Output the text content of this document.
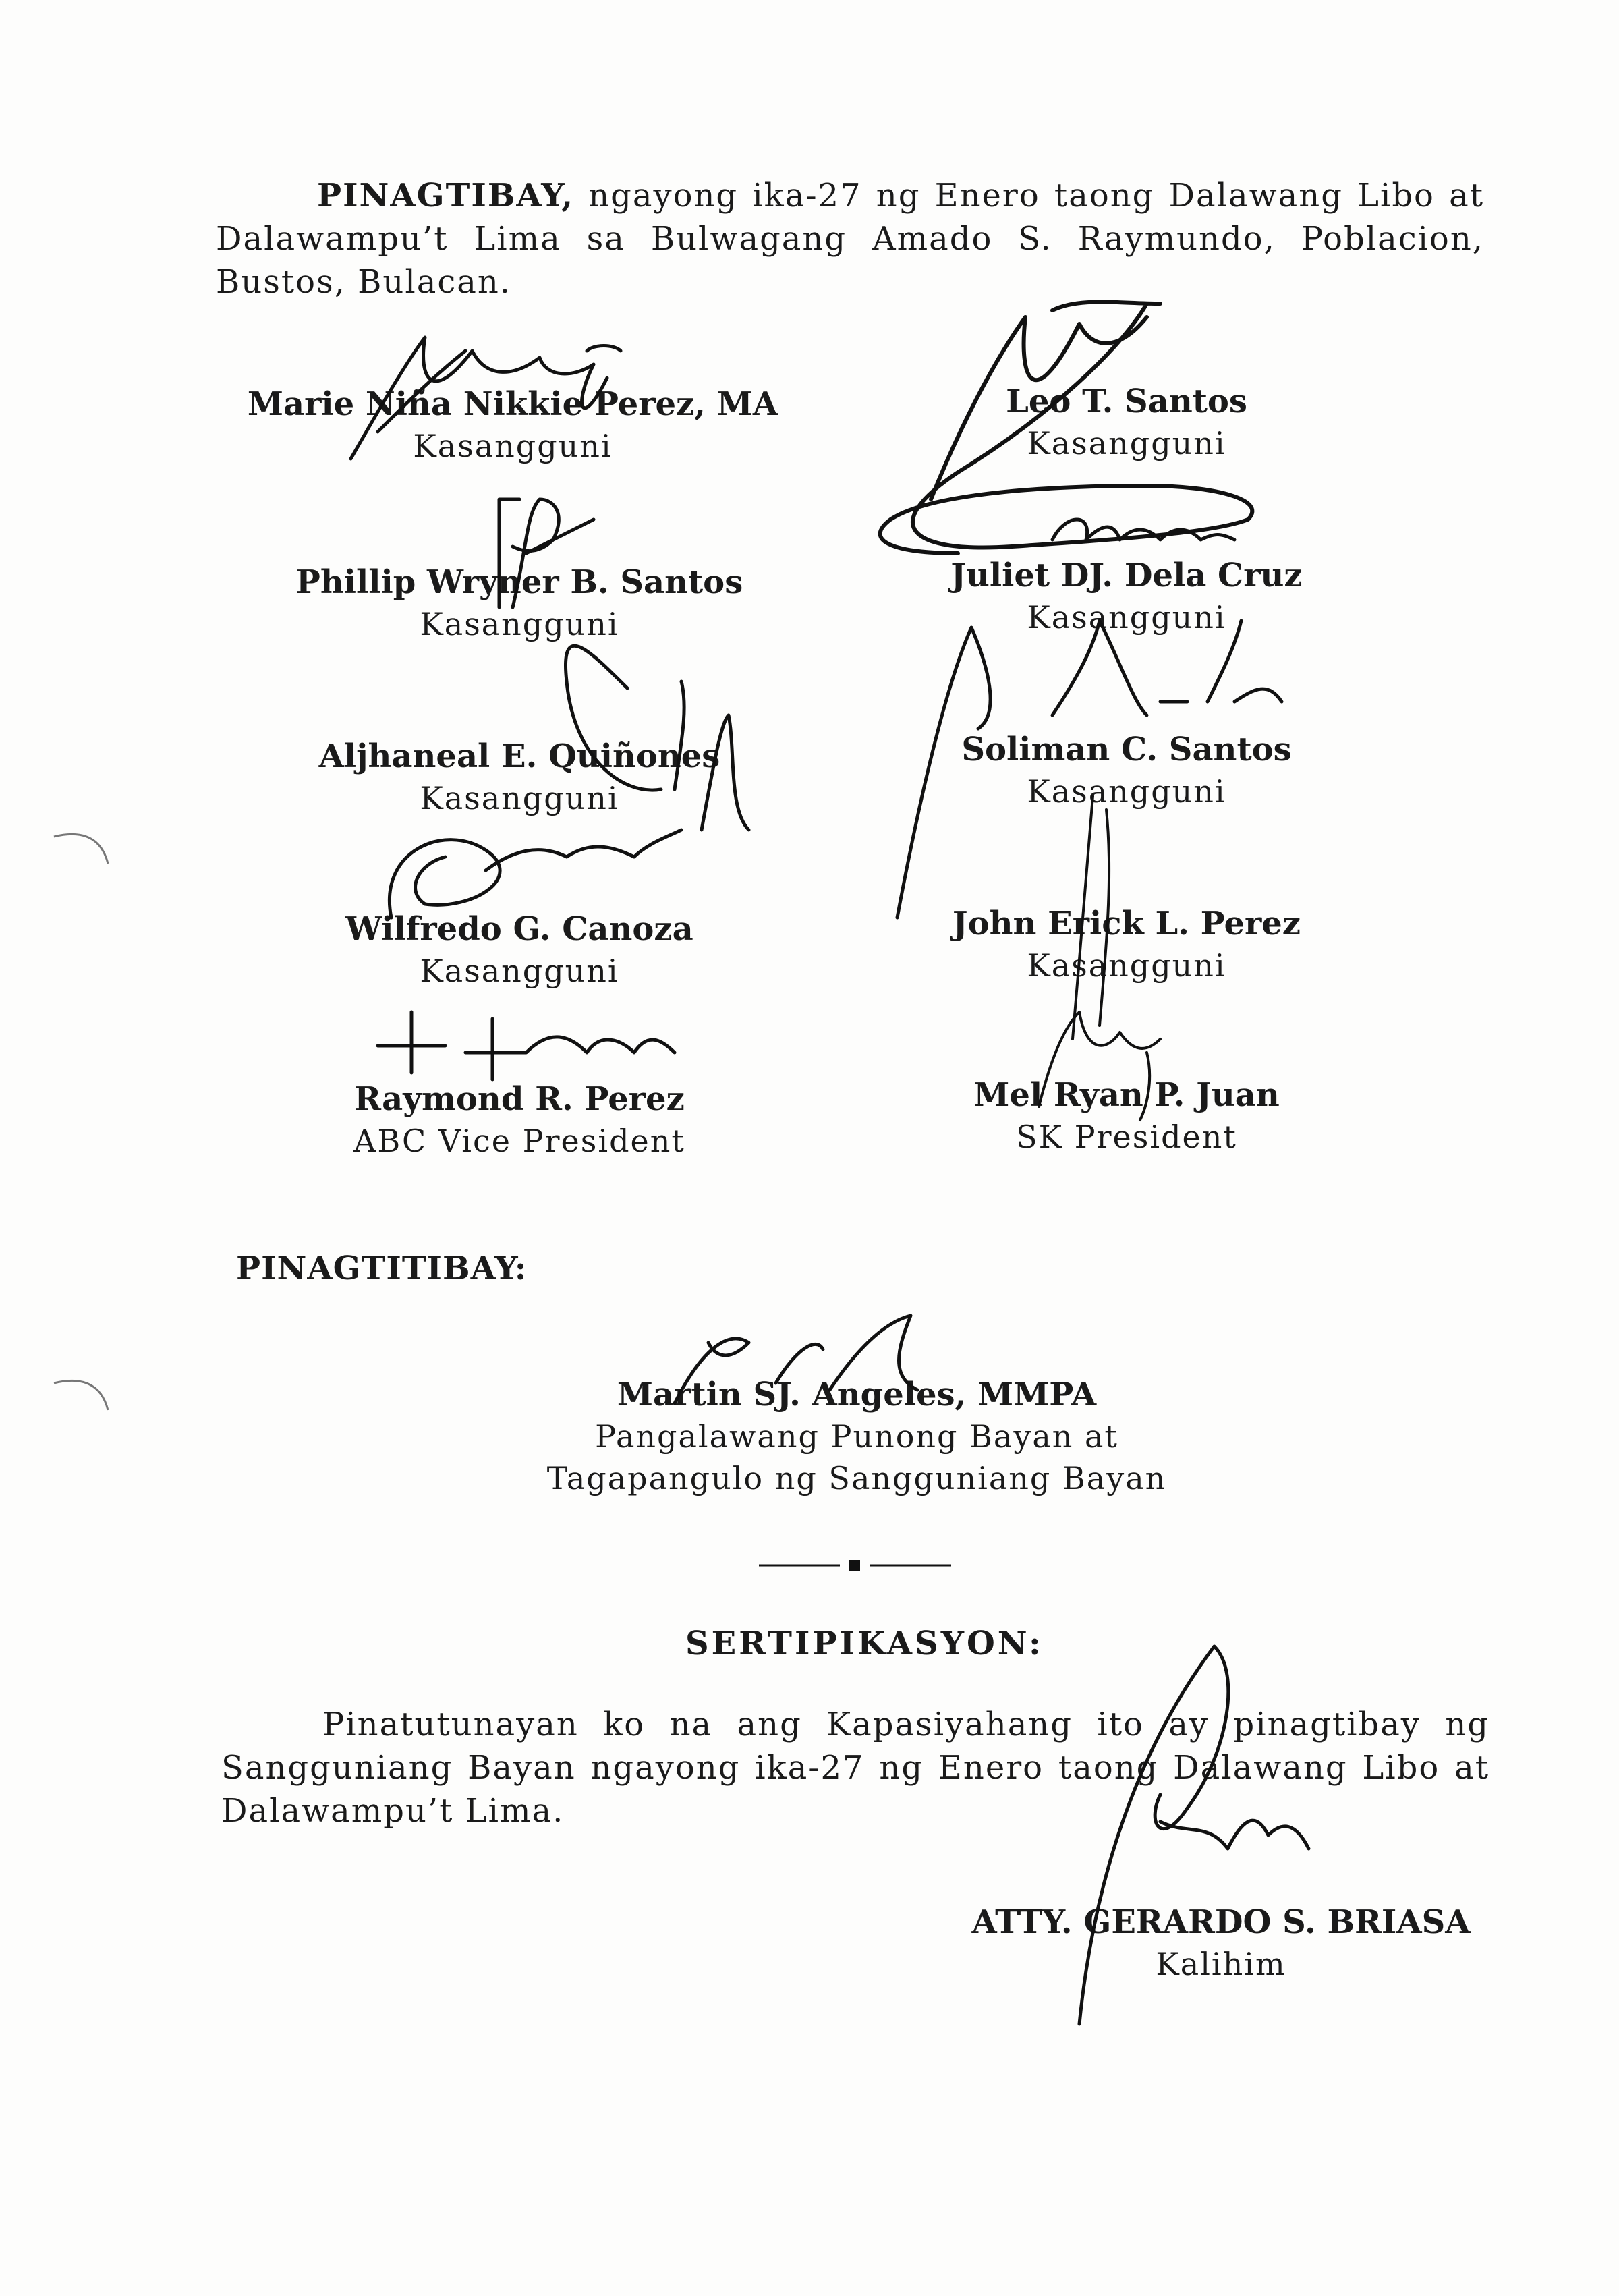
PINAGTIBAY, ngayong ika-27 ng Enero taong Dalawang Libo at Dalawampu’t Lima sa Bulwagang Amado S. Raymundo, Poblacion, Bustos, Bulacan.
Marie Niña Nikkie Perez, MA
Kasangguni
Leo T. Santos
Kasangguni
Phillip Wryner B. Santos
Kasangguni
Juliet DJ. Dela Cruz
Kasangguni
Aljhaneal E. Quiñones
Kasangguni
Soliman C. Santos
Kasangguni
Wilfredo G. Canoza
Kasangguni
John Erick L. Perez
Kasangguni
Raymond R. Perez
ABC Vice President
Mel Ryan P. Juan
SK President
PINAGTITIBAY:
Martin SJ. Angeles, MMPA
Pangalawang Punong Bayan at
Tagapangulo ng Sangguniang Bayan
SERTIPIKASYON:
Pinatutunayan ko na ang Kapasiyahang ito ay pinagtibay ng Sangguniang Bayan ngayong ika-27 ng Enero taong Dalawang Libo at Dalawampu’t Lima.
ATTY. GERARDO S. BRIASA
Kalihim
